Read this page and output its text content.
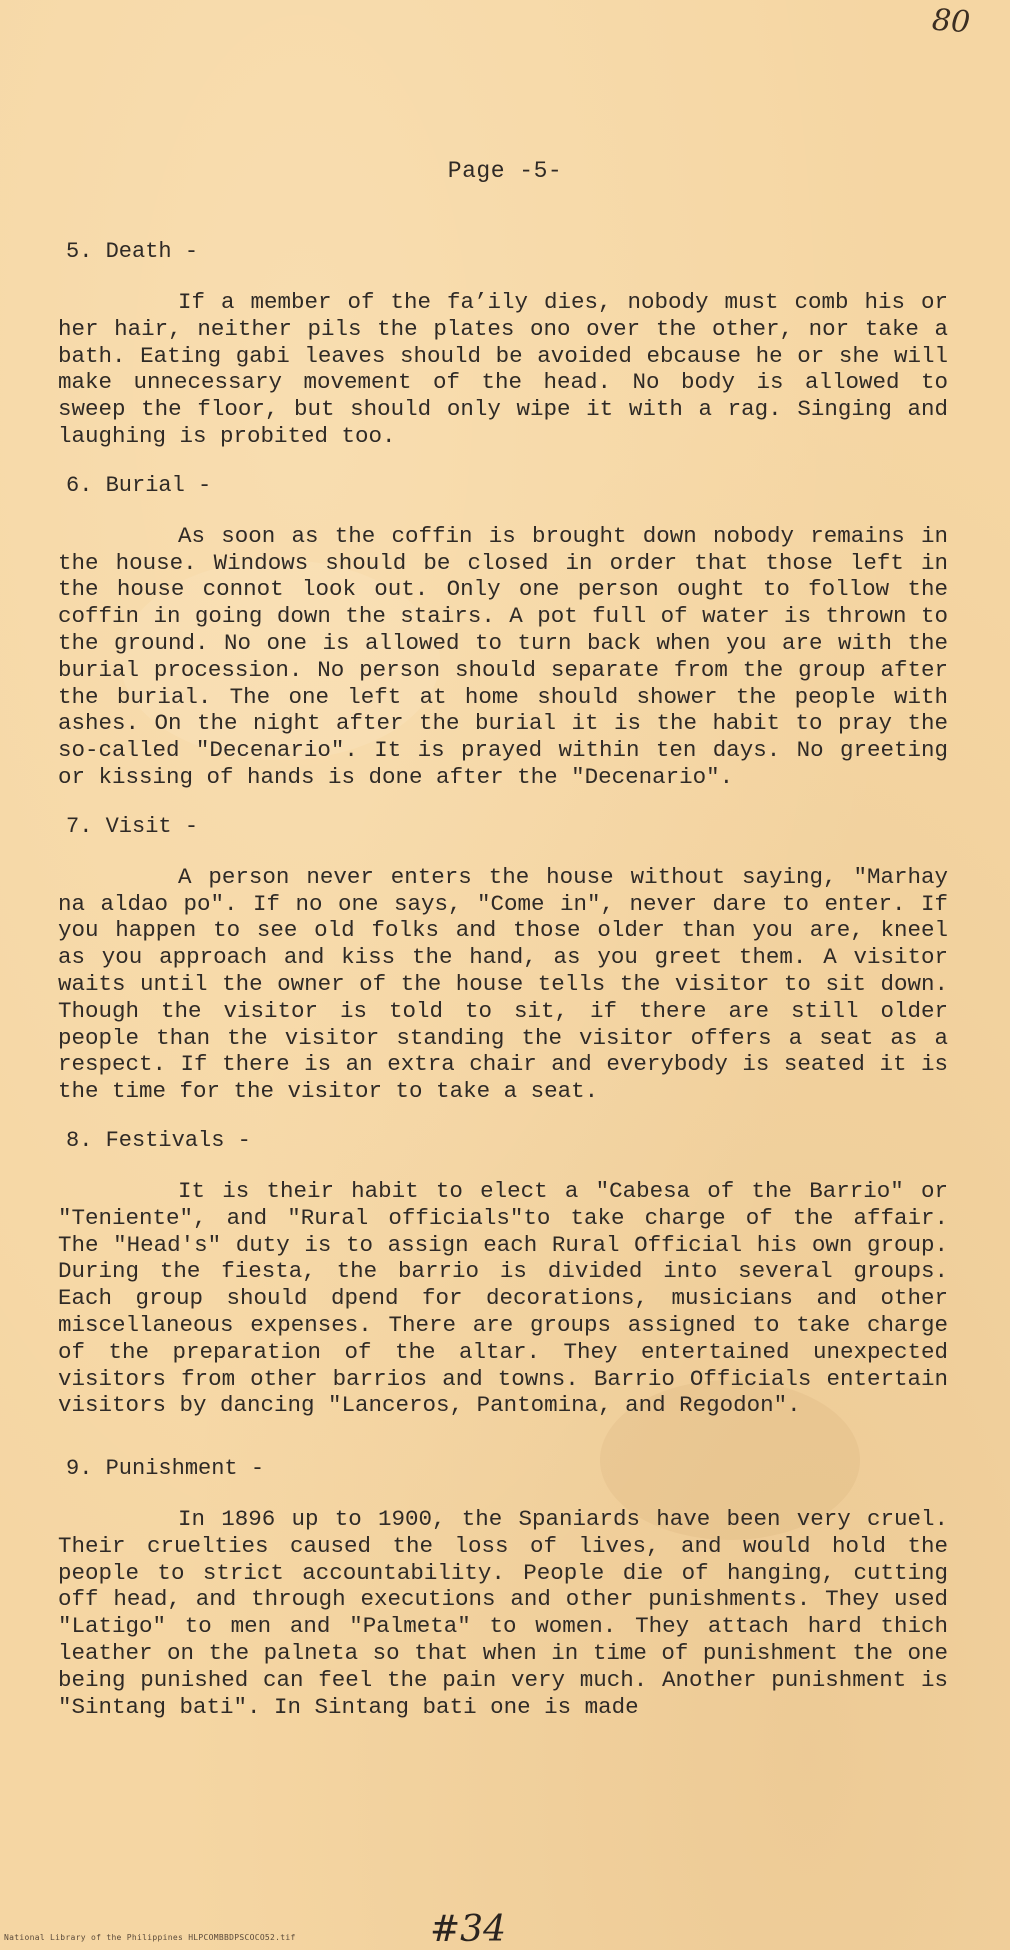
80
Page -5-
5. Death -

If a member of the fa’ily dies, nobody must comb his or her hair, neither pils the plates ono over the other, nor take a bath. Eating gabi leaves should be avoided ebcause he or she will make unnecessary movement of the head. No body is allowed to sweep the floor, but should only wipe it with a rag. Singing and laughing is probited too.

6. Burial -

As soon as the coffin is brought down nobody remains in the house. Windows should be closed in order that those left in the house connot look out. Only one person ought to follow the coffin in going down the stairs. A pot full of water is thrown to the ground. No one is allowed to turn back when you are with the burial procession. No person should separate from the group after the burial. The one left at home should shower the people with ashes. On the night after the burial it is the habit to pray the so-called "Decenario". It is prayed within ten days. No greeting or kissing of hands is done after the "Decenario".

7. Visit -

A person never enters the house without saying, "Marhay na aldao po". If no one says, "Come in", never dare to enter. If you happen to see old folks and those older than you are, kneel as you approach and kiss the hand, as you greet them. A visitor waits until the owner of the house tells the visitor to sit down. Though the visitor is told to sit, if there are still older people than the visitor standing the visitor offers a seat as a respect. If there is an extra chair and everybody is seated it is the time for the visitor to take a seat.

8. Festivals -

It is their habit to elect a "Cabesa of the Barrio" or "Teniente", and "Rural officials"to take charge of the affair. The "Head's" duty is to assign each Rural Official his own group. During the fiesta, the barrio is divided into several groups. Each group should dpend for decorations, musicians and other miscellaneous expenses. There are groups assigned to take charge of the preparation of the altar. They entertained unexpected visitors from other barrios and towns. Barrio Officials entertain visitors by dancing "Lanceros, Pantomina, and Regodon".

9. Punishment -

In 1896 up to 1900, the Spaniards have been very cruel. Their cruelties caused the loss of lives, and would hold the people to strict accountability. People die of hanging, cutting off head, and through executions and other punishments. They used "Latigo" to men and "Palmeta" to women. They attach hard thich leather on the palneta so that when in time of punishment the one being punished can feel the pain very much. Another punishment is "Sintang bati". In Sintang bati one is made

National Library of the Philippines HLPCOMBBDPSCOCO52.tif	#34
